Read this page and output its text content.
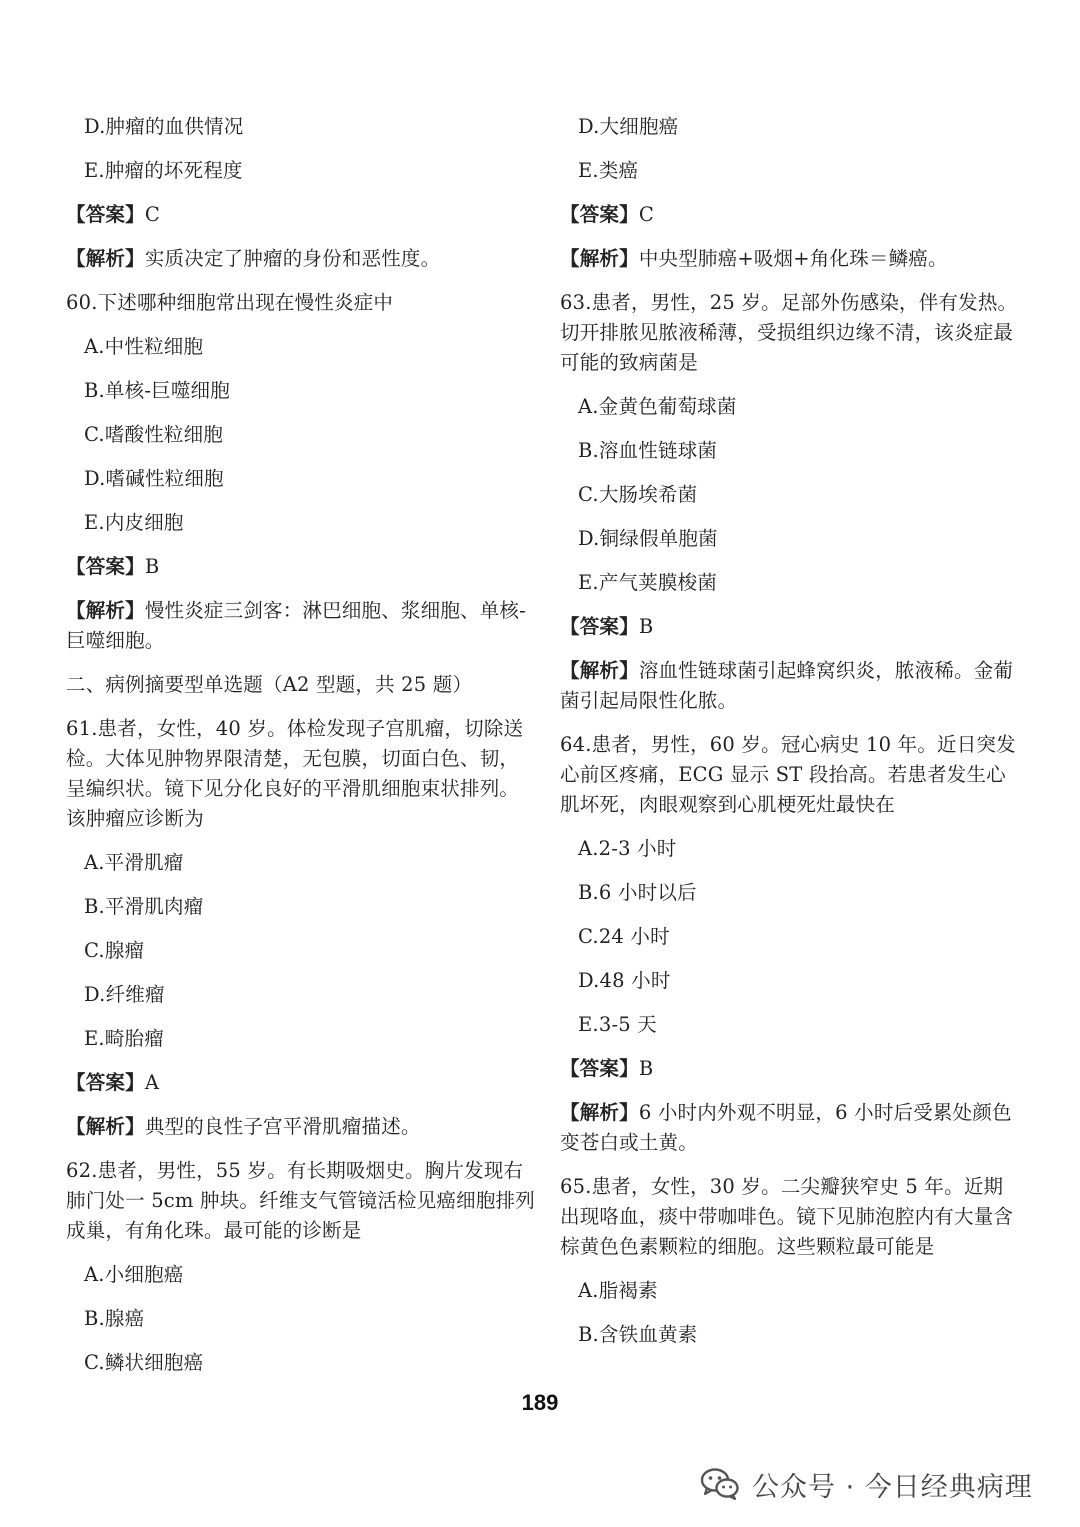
D.肿瘤的血供情况
E.肿瘤的坏死程度
【答案】C
【解析】实质决定了肿瘤的身份和恶性度。
60.下述哪种细胞常出现在慢性炎症中
A.中性粒细胞
B.单核-巨噬细胞
C.嗜酸性粒细胞
D.嗜碱性粒细胞
E.内皮细胞
【答案】B
【解析】慢性炎症三剑客：淋巴细胞、浆细胞、单核-巨噬细胞。
二、病例摘要型单选题（A2 型题，共 25 题）
61.患者，女性，40 岁。体检发现子宫肌瘤，切除送检。大体见肿物界限清楚，无包膜，切面白色、韧，呈编织状。镜下见分化良好的平滑肌细胞束状排列。该肿瘤应诊断为
A.平滑肌瘤
B.平滑肌肉瘤
C.腺瘤
D.纤维瘤
E.畸胎瘤
【答案】A
【解析】典型的良性子宫平滑肌瘤描述。
62.患者，男性，55 岁。有长期吸烟史。胸片发现右肺门处一 5cm 肿块。纤维支气管镜活检见癌细胞排列成巢，有角化珠。最可能的诊断是
A.小细胞癌
B.腺癌
C.鳞状细胞癌
D.大细胞癌
E.类癌
【答案】C
【解析】中央型肺癌+吸烟+角化珠＝鳞癌。
63.患者，男性，25 岁。足部外伤感染，伴有发热。切开排脓见脓液稀薄，受损组织边缘不清，该炎症最可能的致病菌是
A.金黄色葡萄球菌
B.溶血性链球菌
C.大肠埃希菌
D.铜绿假单胞菌
E.产气荚膜梭菌
【答案】B
【解析】溶血性链球菌引起蜂窝织炎，脓液稀。金葡菌引起局限性化脓。
64.患者，男性，60 岁。冠心病史 10 年。近日突发心前区疼痛，ECG 显示 ST 段抬高。若患者发生心肌坏死，肉眼观察到心肌梗死灶最快在
A.2-3 小时
B.6 小时以后
C.24 小时
D.48 小时
E.3-5 天
【答案】B
【解析】6 小时内外观不明显，6 小时后受累处颜色变苍白或土黄。
65.患者，女性，30 岁。二尖瓣狭窄史 5 年。近期出现咯血，痰中带咖啡色。镜下见肺泡腔内有大量含棕黄色色素颗粒的细胞。这些颗粒最可能是
A.脂褐素
B.含铁血黄素
189
公众号 · 今日经典病理
